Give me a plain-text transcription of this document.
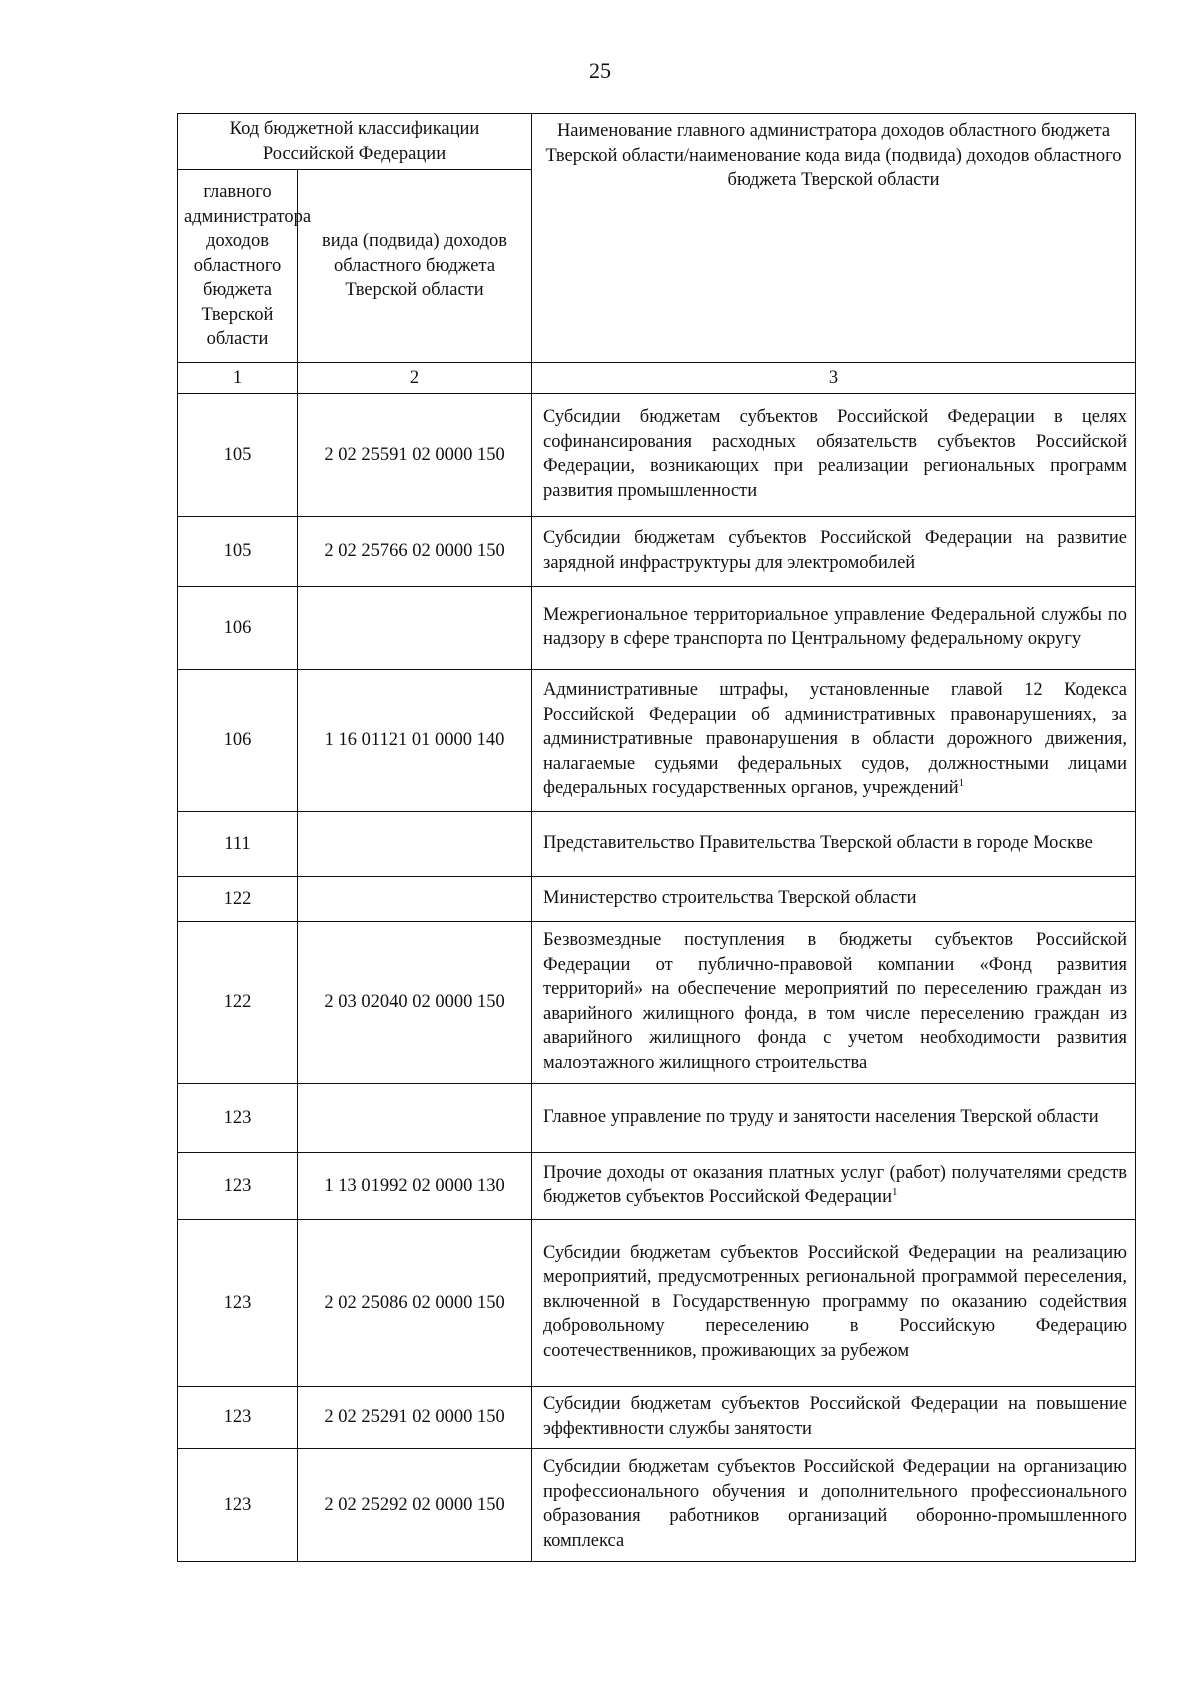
25
Код бюджетной классификации Российской Федерации		Наименование главного администратора доходов областного бюджета Тверской области/наименование кода вида (подвида) доходов областного бюджета Тверской области
главного администратора доходов областного бюджета Тверской области	вида (подвида) доходов областного бюджета Тверской области	
1	2	3
105	2 02 25591 02 0000 150	Субсидии бюджетам субъектов Российской Федерации в целях софинансирования расходных обязательств субъектов Российской Федерации, возникающих при реализации региональных программ развития промышленности
105	2 02 25766 02 0000 150	Субсидии бюджетам субъектов Российской Федерации на развитие зарядной инфраструктуры для электромобилей
106		Межрегиональное территориальное управление Федеральной службы по надзору в сфере транспорта по Центральному федеральному округу
106	1 16 01121 01 0000 140	Административные штрафы, установленные главой 12 Кодекса Российской Федерации об административных правонарушениях, за административные правонарушения в области дорожного движения, налагаемые судьями федеральных судов, должностными лицами федеральных государственных органов, учреждений$^1$
111		Представительство Правительства Тверской области в городе Москве
122		Министерство строительства Тверской области
122	2 03 02040 02 0000 150	Безвозмездные поступления в бюджеты субъектов Российской Федерации от публично-правовой компании «Фонд развития территорий» на обеспечение мероприятий по переселению граждан из аварийного жилищного фонда, в том числе переселению граждан из аварийного жилищного фонда с учетом необходимости развития малоэтажного жилищного строительства
123		Главное управление по труду и занятости населения Тверской области
123	1 13 01992 02 0000 130	Прочие доходы от оказания платных услуг (работ) получателями средств бюджетов субъектов Российской Федерации$^1$
123	2 02 25086 02 0000 150	Субсидии бюджетам субъектов Российской Федерации на реализацию мероприятий, предусмотренных региональной программой переселения, включенной в Государственную программу по оказанию содействия добровольному переселению в Российскую Федерацию соотечественников, проживающих за рубежом
123	2 02 25291 02 0000 150	Субсидии бюджетам субъектов Российской Федерации на повышение эффективности службы занятости
123	2 02 25292 02 0000 150	Субсидии бюджетам субъектов Российской Федерации на организацию профессионального обучения и дополнительного профессионального образования работников организаций оборонно-промышленного комплекса
